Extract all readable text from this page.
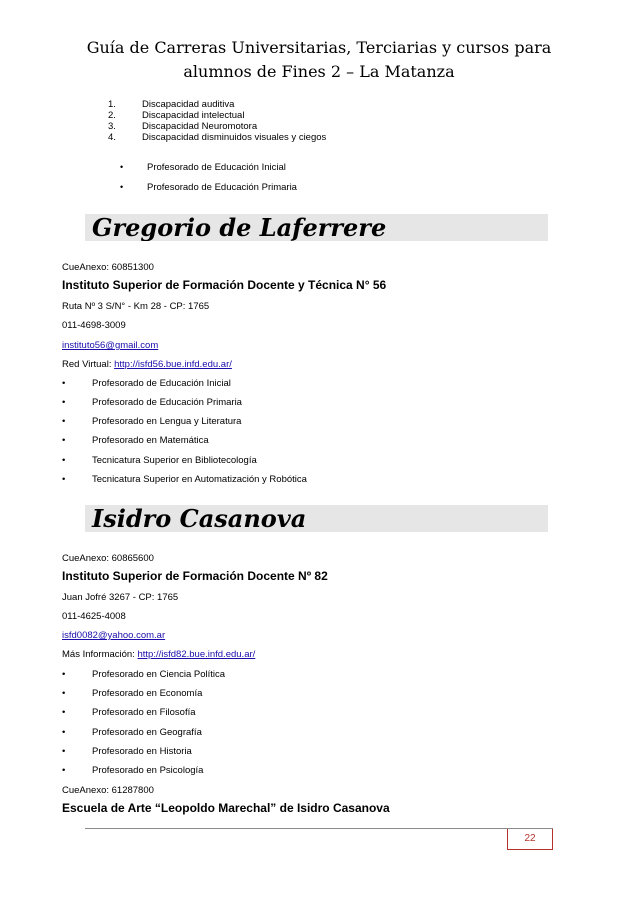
Guía de Carreras Universitarias, Terciarias y cursos para
alumnos de Fines 2 – La Matanza
1.	Discapacidad auditiva
2.	Discapacidad intelectual
3.	Discapacidad Neuromotora
4.	Discapacidad disminuidos visuales y ciegos
•	Profesorado de Educación Inicial
•	Profesorado de Educación Primaria
Gregorio de Laferrere
CueAnexo: 60851300
Instituto Superior de Formación Docente y Técnica N° 56
Ruta Nº 3 S/N° - Km 28 - CP: 1765
011-4698-3009
instituto56@gmail.com
Red Virtual: http://isfd56.bue.infd.edu.ar/
•	Profesorado de Educación Inicial
•	Profesorado de Educación Primaria
•	Profesorado en Lengua y Literatura
•	Profesorado en Matemática
•	Tecnicatura Superior en Bibliotecología
•	Tecnicatura Superior en Automatización y Robótica
Isidro Casanova
CueAnexo: 60865600
Instituto Superior de Formación Docente Nº 82
Juan Jofré 3267 - CP: 1765
011-4625-4008
isfd0082@yahoo.com.ar
Más Información: http://isfd82.bue.infd.edu.ar/
•	Profesorado en Ciencia Política
•	Profesorado en Economía
•	Profesorado en Filosofía
•	Profesorado en Geografía
•	Profesorado en Historia
•	Profesorado en Psicología
CueAnexo: 61287800
Escuela de Arte “Leopoldo Marechal” de Isidro Casanova
22
